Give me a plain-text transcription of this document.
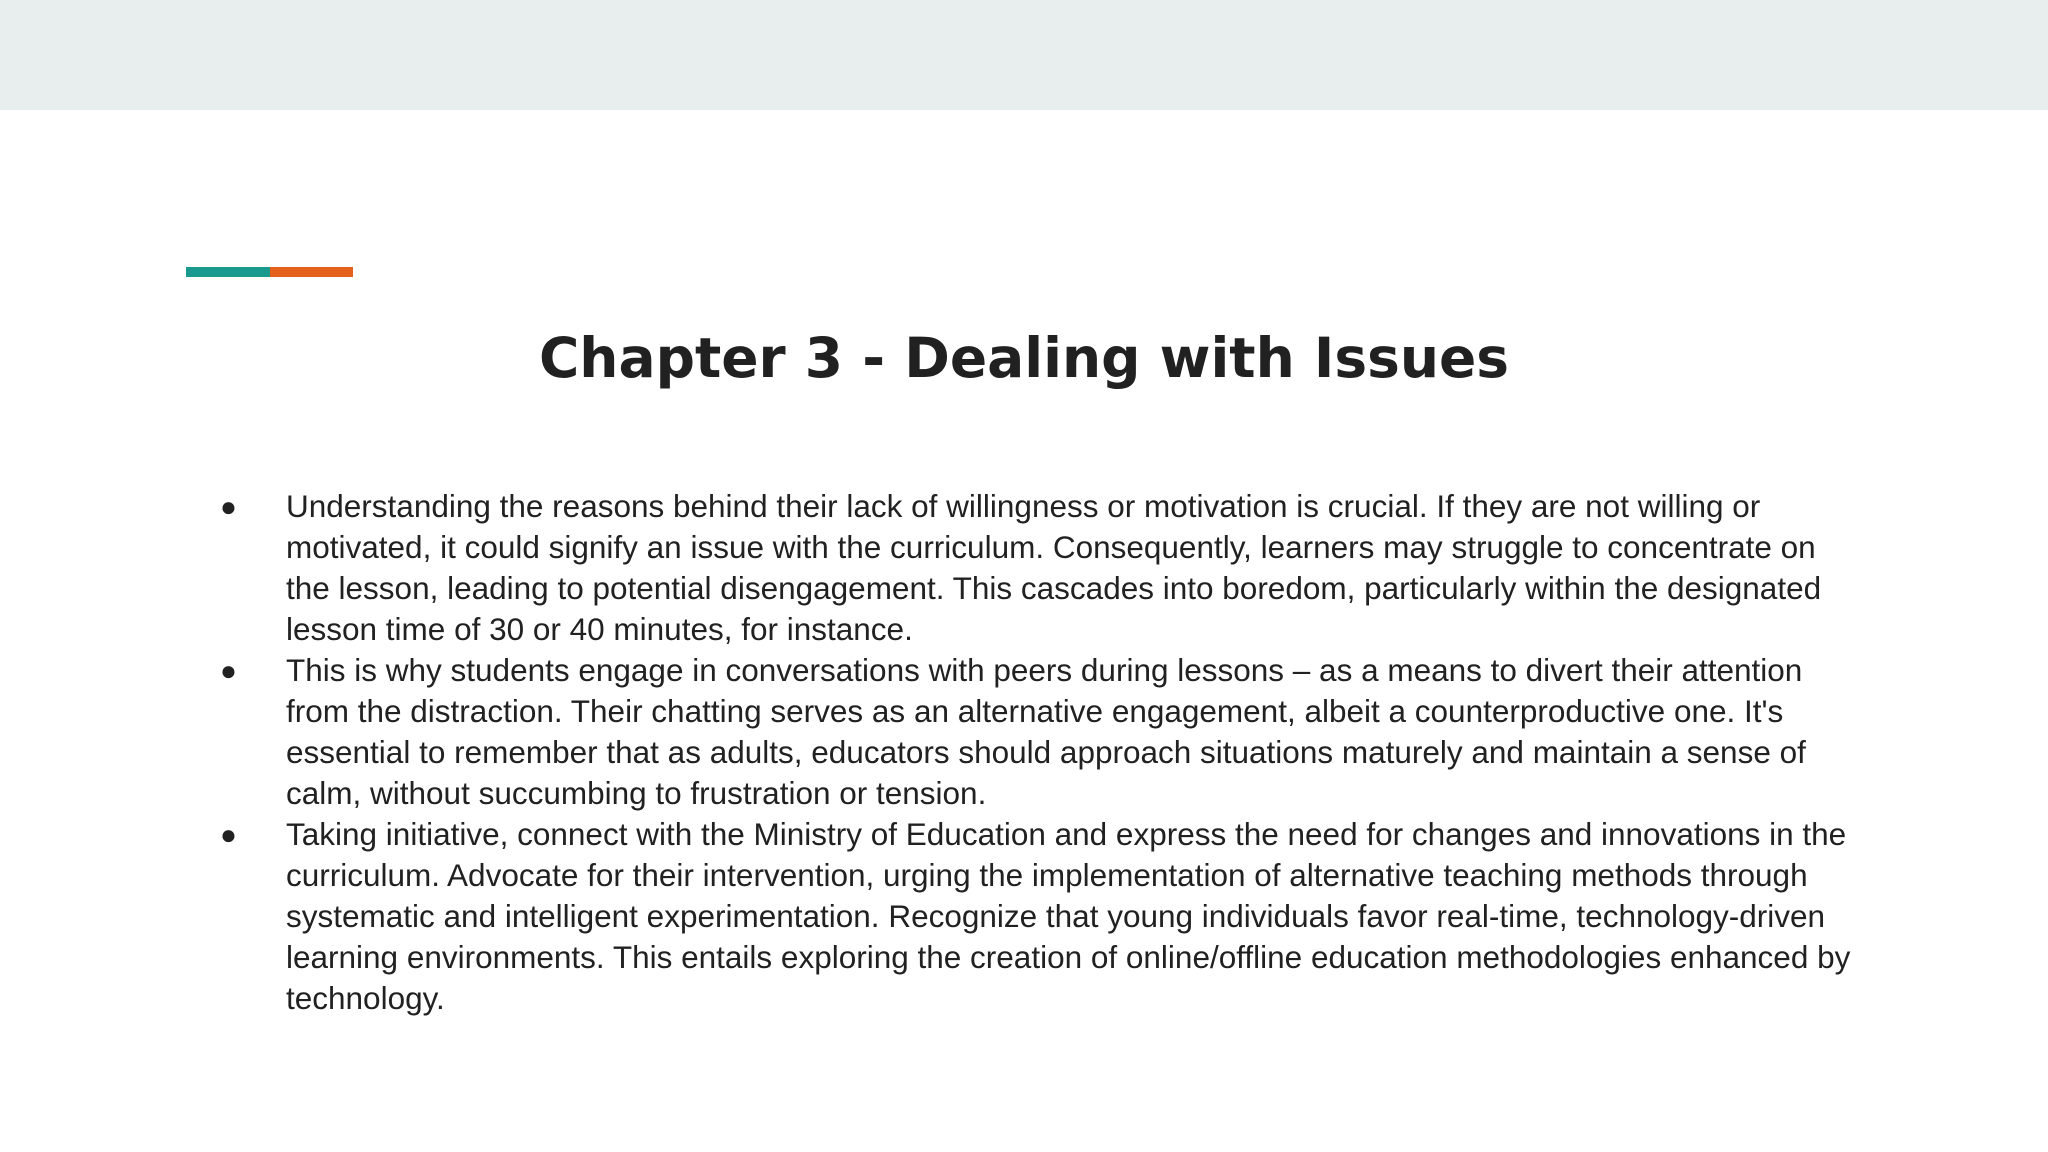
Chapter 3 - Dealing with Issues
●	Understanding the reasons behind their lack of willingness or motivation is crucial. If they are not willing or motivated, it could signify an issue with the curriculum. Consequently, learners may struggle to concentrate on the lesson, leading to potential disengagement. This cascades into boredom, particularly within the designated lesson time of 30 or 40 minutes, for instance.
●	This is why students engage in conversations with peers during lessons – as a means to divert their attention from the distraction. Their chatting serves as an alternative engagement, albeit a counterproductive one. It's essential to remember that as adults, educators should approach situations maturely and maintain a sense of calm, without succumbing to frustration or tension.
●	Taking initiative, connect with the Ministry of Education and express the need for changes and innovations in the curriculum. Advocate for their intervention, urging the implementation of alternative teaching methods through systematic and intelligent experimentation. Recognize that young individuals favor real-time, technology-driven learning environments. This entails exploring the creation of online/offline education methodologies enhanced by technology.
